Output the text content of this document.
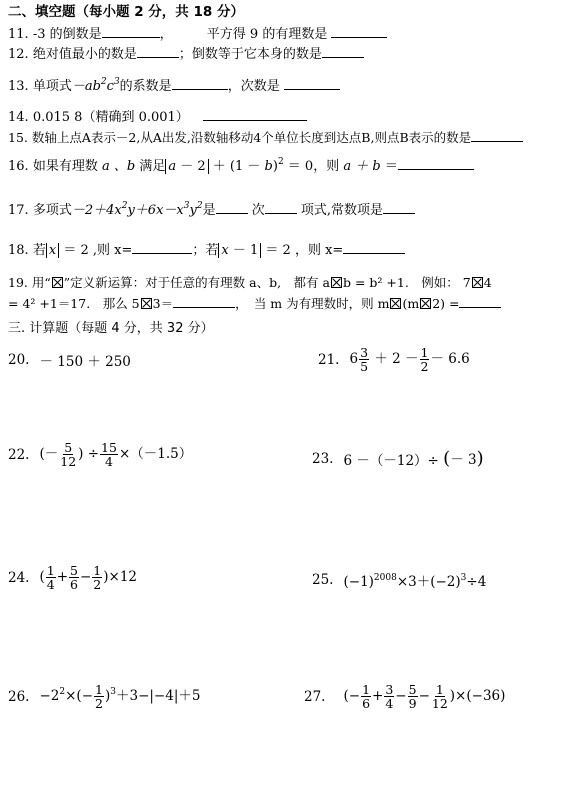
二、填空题（每小题 2 分，共 18 分）
11. -3 的倒数是	，	平方得 9 的有理数是
12. 绝对值最小的数是	；倒数等于它本身的数是
13. 单项式$-ab^2c^3$的系数是	，次数是
14. 0.015 8（精确到 0.001）
15. 数轴上点A表示－2,从A出发,沿数轴移动4个单位长度到达点B,则点B表示的数是
16. 如果有理数 a 、b 满足 $a - 2 + (1 - b)^2 = 0$，则 a ＋ b ＝
17. 多项式$-2+4x^2y+6x-x^3y^2$是	次	项式,常数项是
18. 若 x ＝ 2 ,则 x=	；若 x － 1 ＝ 2 ，则 x=
19. 用“ ”定义新运算：对于任意的有理数 a、b,　都有 a b = b² +1.　例如： 7 4
= 4² +1＝17.　那么 5 3＝	，　当 m 为有理数时，则 m (m 2) =
三. 计算题（每题 4 分，共 32 分）
20. － 150 ＋ 250	21. $6 \frac{3}{5} + 2 - \frac{1}{2} - 6.6$
22. (－ $\frac{5}{12}$ ) ÷ $\frac{15}{4} \times(-1.5)$	23. 6 －（－12）÷ (－ 3)
24. ( $\frac{1}{4} + \frac{5}{6} - \frac{1}{2} )\times 12$	25. $(-1)^{2008}\times 3+(-2)^3\div 4$
26. $-2^2\times(- \frac{1}{2} )^3+3-|-4|+5$	27. (− $\frac{1}{6} + \frac{3}{4} - \frac{5}{9} - \frac{1}{12} )\times(-36)$
